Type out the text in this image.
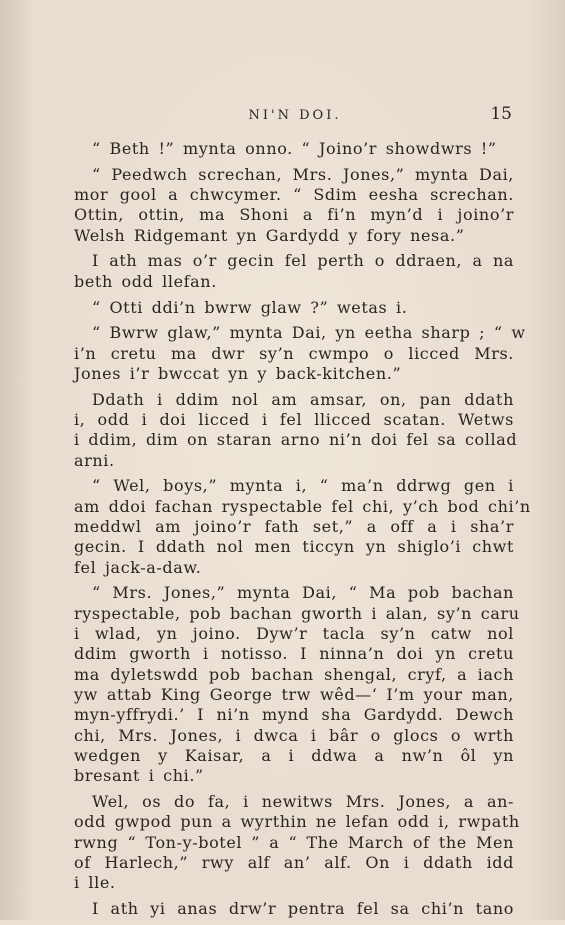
NI'N DOI.	15
“ Beth !” mynta onno. “ Joino’r showdwrs !”
“ Peedwch screchan, Mrs. Jones,” mynta Dai,
mor gool a chwcymer. “ Sdim eesha screchan.
Ottin, ottin, ma Shoni a fi’n myn’d i joino’r
Welsh Ridgemant yn Gardydd y fory nesa.”
I ath mas o’r gecin fel perth o ddraen, a na
beth odd llefan.
“ Otti ddi’n bwrw glaw ?” wetas i.
“ Bwrw glaw,” mynta Dai, yn eetha sharp ; “ w
i’n cretu ma dwr sy’n cwmpo o licced Mrs.
Jones i’r bwccat yn y back-kitchen.”
Ddath i ddim nol am amsar, on, pan ddath
i, odd i doi licced i fel llicced scatan. Wetws
i ddim, dim on staran arno ni’n doi fel sa collad
arni.
“ Wel, boys,” mynta i, “ ma’n ddrwg gen i
am ddoi fachan ryspectable fel chi, y’ch bod chi’n
meddwl am joino’r fath set,” a off a i sha’r
gecin. I ddath nol men ticcyn yn shiglo’i chwt
fel jack-a-daw.
“ Mrs. Jones,” mynta Dai, “ Ma pob bachan
ryspectable, pob bachan gworth i alan, sy’n caru
i wlad, yn joino. Dyw’r tacla sy’n catw nol
ddim gworth i notisso. I ninna’n doi yn cretu
ma dyletswdd pob bachan shengal, cryf, a iach
yw attab King George trw wêd—‘ I’m your man,
myn-yffrydi.’ I ni’n mynd sha Gardydd. Dewch
chi, Mrs. Jones, i dwca i bâr o glocs o wrth
wedgen y Kaisar, a i ddwa a nw’n ôl yn
bresant i chi.”
Wel, os do fa, i newitws Mrs. Jones, a an-
odd gwpod pun a wyrthin ne lefan odd i, rwpath
rwng “ Ton-y-botel ” a “ The March of the Men
of Harlech,” rwy alf an’ alf. On i ddath idd
i lle.
I ath yi anas drw’r pentra fel sa chi’n tano
